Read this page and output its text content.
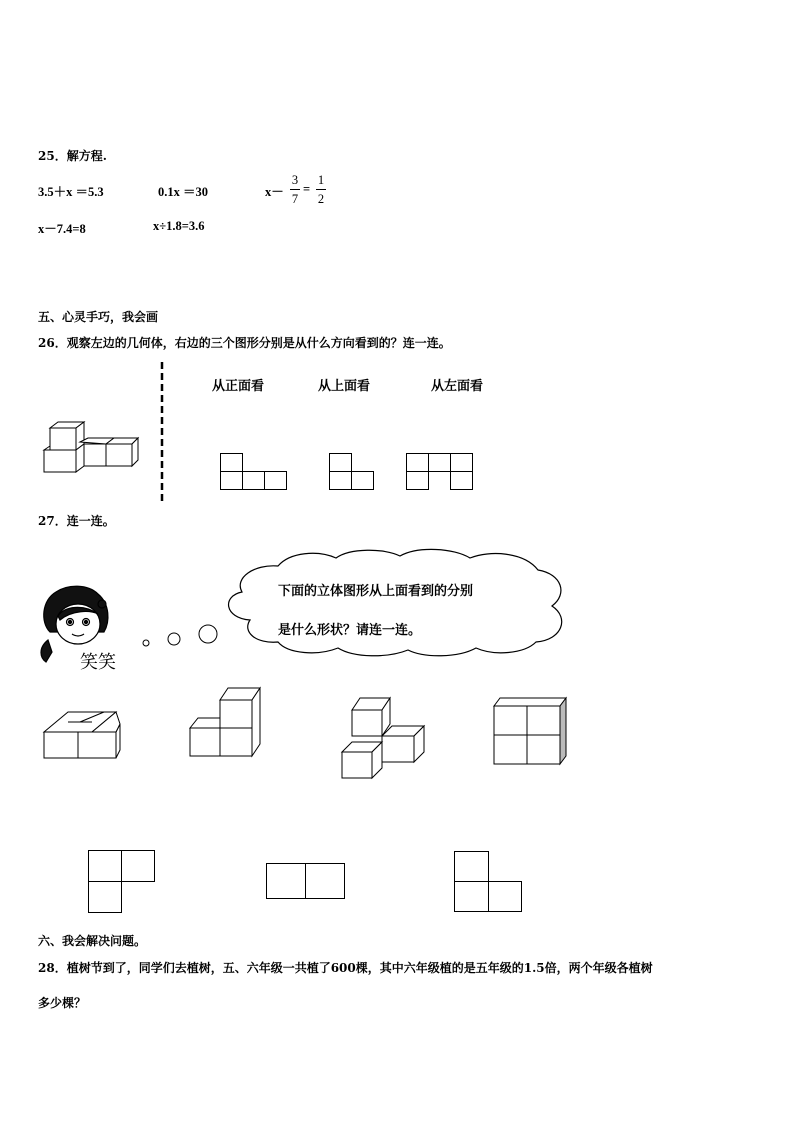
25．解方程.
3.5＋x ＝5.3	0.1x ＝30	x－
3
7
=
1
2
x－7.4=8	x÷1.8=3.6
五、心灵手巧，我会画
26．观察左边的几何体，右边的三个图形分别是从什么方向看到的？连一连。
从正面看	从上面看	从左面看
27．连一连。
笑笑
下面的立体图形从上面看到的分别
是什么形状？请连一连。
六、我会解决问题。
28．植树节到了，同学们去植树，五、六年级一共植了600棵，其中六年级植的是五年级的1.5倍，两个年级各植树
多少棵？
